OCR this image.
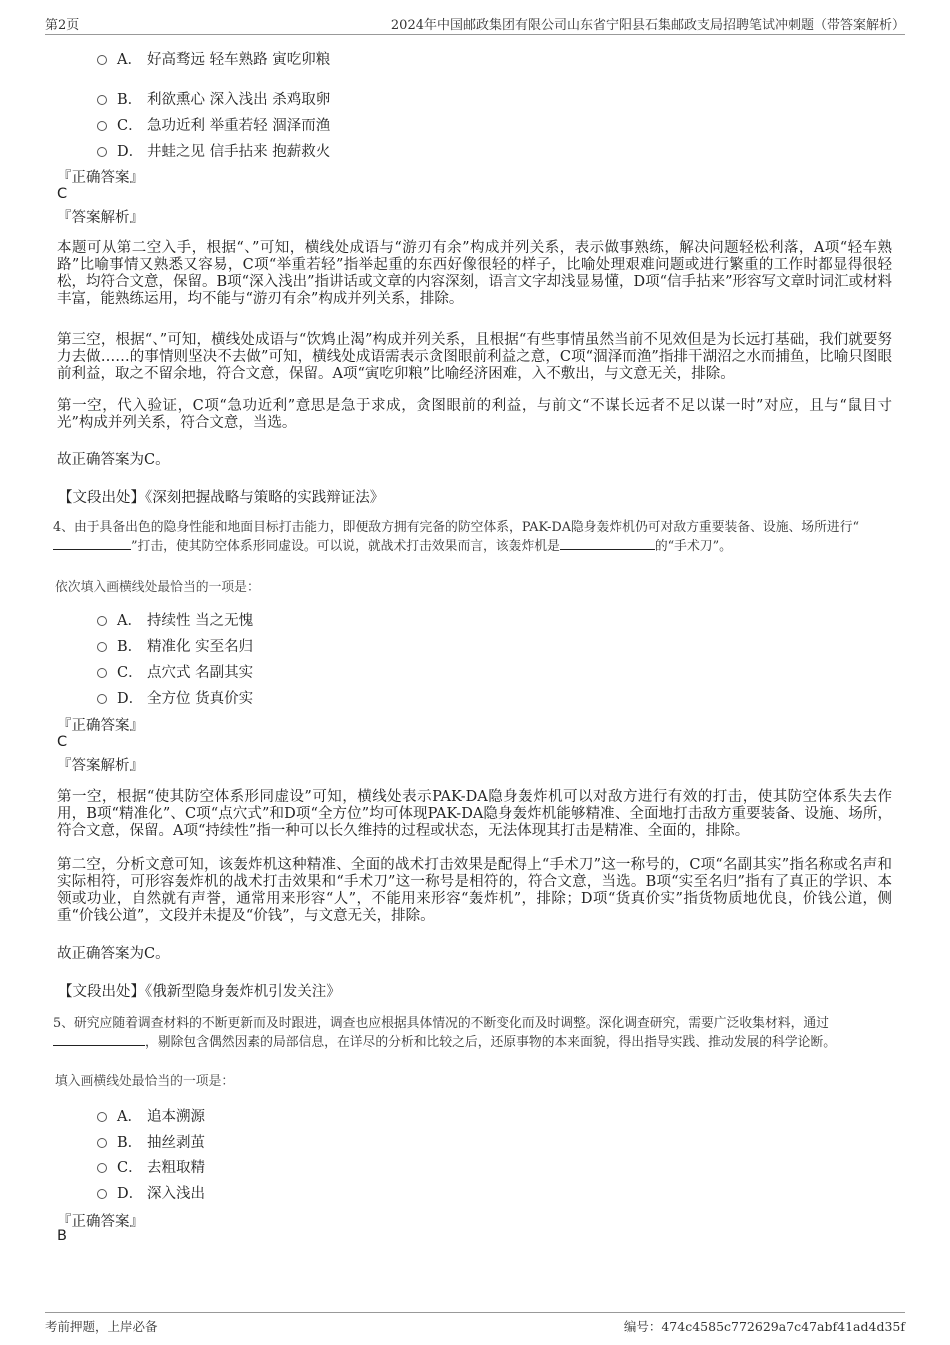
第2页	2024年中国邮政集团有限公司山东省宁阳县石集邮政支局招聘笔试冲刺题（带答案解析）
A． 好高骛远 轻车熟路 寅吃卯粮
B． 利欲熏心 深入浅出 杀鸡取卵
C． 急功近利 举重若轻 涸泽而渔
D． 井蛙之见 信手拈来 抱薪救火
『正确答案』
C
『答案解析』
本题可从第二空入手，根据“、”可知，横线处成语与“游刃有余”构成并列关系，表示做事熟练，解决问题轻松利落，A项“轻车熟路”比喻事情又熟悉又容易，C项“举重若轻”指举起重的东西好像很轻的样子，比喻处理艰难问题或进行繁重的工作时都显得很轻松，均符合文意，保留。B项“深入浅出”指讲话或文章的内容深刻，语言文字却浅显易懂，D项“信手拈来”形容写文章时词汇或材料丰富，能熟练运用，均不能与“游刃有余”构成并列关系，排除。
第三空，根据“、”可知，横线处成语与“饮鸩止渴”构成并列关系，且根据“有些事情虽然当前不见效但是为长远打基础，我们就要努力去做……的事情则坚决不去做”可知，横线处成语需表示贪图眼前利益之意，C项“涸泽而渔”指排干湖沼之水而捕鱼，比喻只图眼前利益，取之不留余地，符合文意，保留。A项“寅吃卯粮”比喻经济困难，入不敷出，与文意无关，排除。
第一空，代入验证，C项“急功近利”意思是急于求成，贪图眼前的利益，与前文“不谋长远者不足以谋一时”对应，且与“鼠目寸光”构成并列关系，符合文意，当选。
故正确答案为C。
【文段出处】《深刻把握战略与策略的实践辩证法》
4、由于具备出色的隐身性能和地面目标打击能力，即便敌方拥有完备的防空体系，PAK-DA隐身轰炸机仍可对敌方重要装备、设施、场所进行“”打击，使其防空体系形同虚设。可以说，就战术打击效果而言，该轰炸机是	的“手术刀”。
依次填入画横线处最恰当的一项是：
A． 持续性 当之无愧
B． 精准化 实至名归
C． 点穴式 名副其实
D． 全方位 货真价实
『正确答案』
C
『答案解析』
第一空，根据“使其防空体系形同虚设”可知，横线处表示PAK-DA隐身轰炸机可以对敌方进行有效的打击，使其防空体系失去作用，B项“精准化”、C项“点穴式”和D项“全方位”均可体现PAK-DA隐身轰炸机能够精准、全面地打击敌方重要装备、设施、场所，符合文意，保留。A项“持续性”指一种可以长久维持的过程或状态，无法体现其打击是精准、全面的，排除。
第二空，分析文意可知，该轰炸机这种精准、全面的战术打击效果是配得上“手术刀”这一称号的，C项“名副其实”指名称或名声和实际相符，可形容轰炸机的战术打击效果和“手术刀”这一称号是相符的，符合文意，当选。B项“实至名归”指有了真正的学识、本领或功业，自然就有声誉，通常用来形容“人”，不能用来形容“轰炸机”，排除；D项“货真价实”指货物质地优良，价钱公道，侧重“价钱公道”，文段并未提及“价钱”，与文意无关，排除。
故正确答案为C。
【文段出处】《俄新型隐身轰炸机引发关注》
5、研究应随着调查材料的不断更新而及时跟进，调查也应根据具体情况的不断变化而及时调整。深化调查研究，需要广泛收集材料，通过
，剔除包含偶然因素的局部信息，在详尽的分析和比较之后，还原事物的本来面貌，得出指导实践、推动发展的科学论断。
填入画横线处最恰当的一项是：
A． 追本溯源
B． 抽丝剥茧
C． 去粗取精
D． 深入浅出
『正确答案』
B
考前押题，上岸必备	编号：474c4585c772629a7c47abf41ad4d35f
